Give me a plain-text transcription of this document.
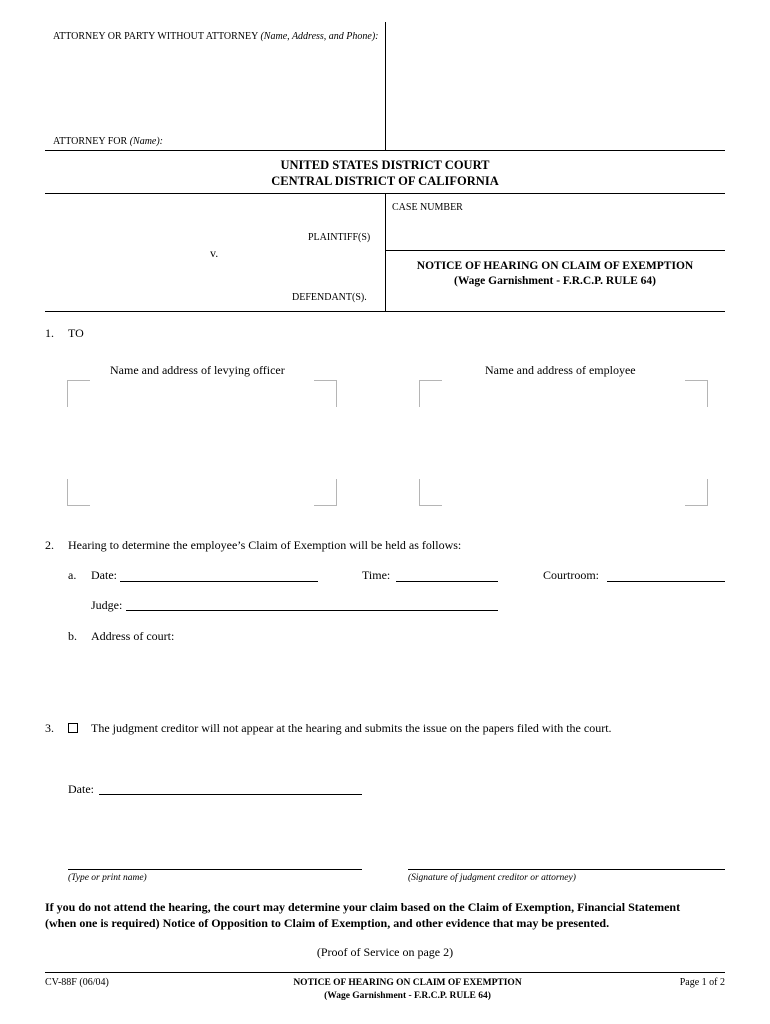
ATTORNEY OR PARTY WITHOUT ATTORNEY (Name, Address, and Phone):
ATTORNEY FOR (Name):
UNITED STATES DISTRICT COURT
CENTRAL DISTRICT OF CALIFORNIA
CASE NUMBER
PLAINTIFF(S)
v.
DEFENDANT(S).
NOTICE OF HEARING ON CLAIM OF EXEMPTION
(Wage Garnishment - F.R.C.P. RULE 64)
1. TO
Name and address of levying officer	Name and address of employee
2. Hearing to determine the employee’s Claim of Exemption will be held as follows:
a. Date:	Time:	Courtroom:
Judge:
b. Address of court:
3.	The judgment creditor will not appear at the hearing and submits the issue on the papers filed with the court.
Date:
(Type or print name)	(Signature of judgment creditor or attorney)
If you do not attend the hearing, the court may determine your claim based on the Claim of Exemption, Financial Statement
(when one is required) Notice of Opposition to Claim of Exemption, and other evidence that may be presented.
(Proof of Service on page 2)
CV-88F (06/04)	NOTICE OF HEARING ON CLAIM OF EXEMPTION
(Wage Garnishment - F.R.C.P. RULE 64)
Page 1 of 2
